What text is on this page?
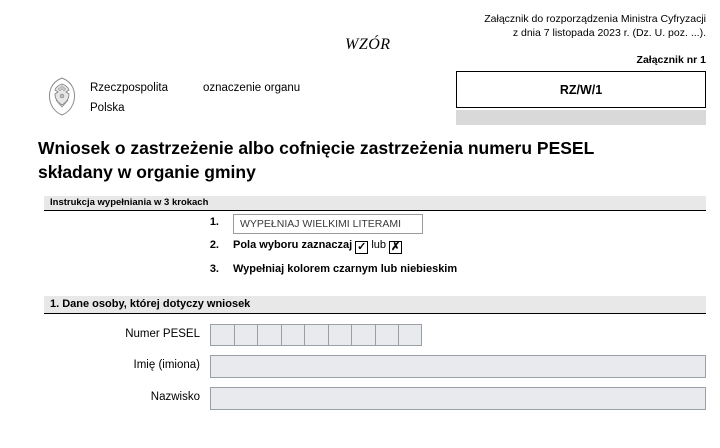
Załącznik do rozporządzenia Ministra Cyfryzacji
z dnia 7 listopada 2023 r. (Dz. U. poz. ...).
WZÓR
Załącznik nr 1
Rzeczpospolita
Polska
oznaczenie organu	RZ/W/1
Wniosek o zastrzeżenie albo cofnięcie zastrzeżenia numeru PESEL składany w organie gminy
Instrukcja wypełniania w 3 krokach
1.	WYPEŁNIAJ WIELKIMI LITERAMI
2. Pola wyboru zaznaczaj ✓ lub ✗
3. Wypełniaj kolorem czarnym lub niebieskim
1. Dane osoby, której dotyczy wniosek
Numer PESEL
Imię (imiona)
Nazwisko
